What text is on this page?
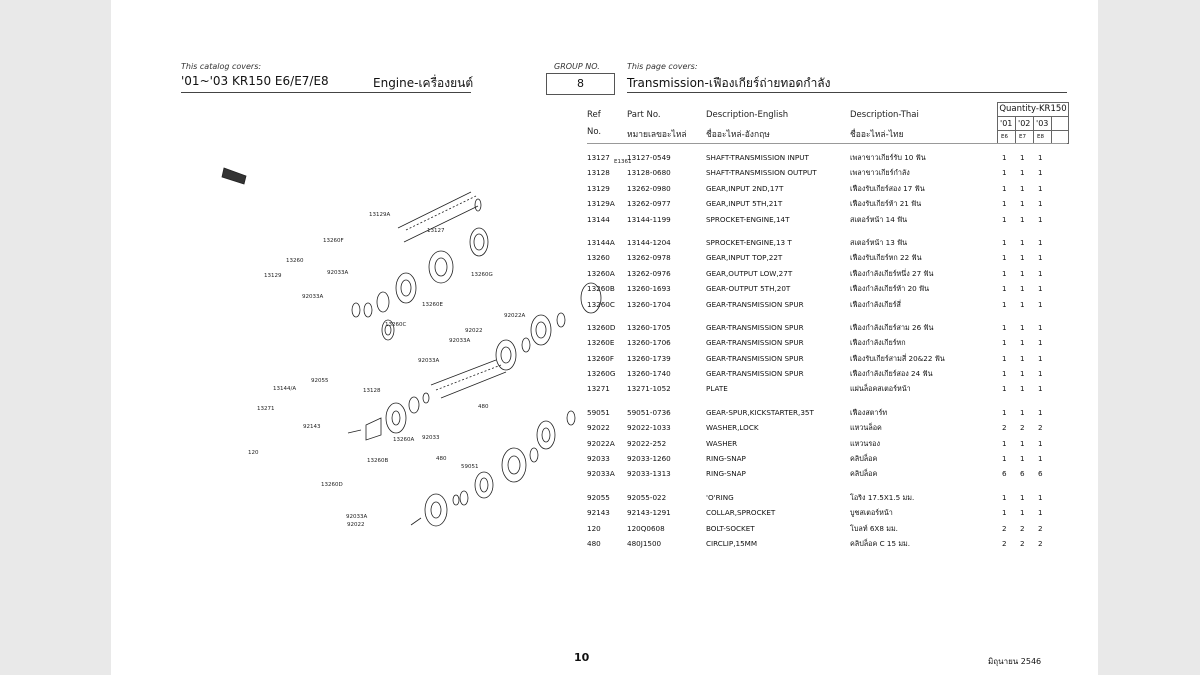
This catalog covers:
'01~'03 KR150 E6/E7/E8	Engine-เครื่องยนต์
GROUP NO.
8
This page covers:
Transmission-เฟืองเกียร์ถ่ายทอดกำลัง
Ref
No.
Part No.
หมายเลขอะไหล่
Description-English
ชื่ออะไหล่-อังกฤษ
Description-Thai
ชื่ออะไหล่-ไทย
Quantity-KR150
'01 '02 '03
E6 E7 E8
13127 13127-0549	SHAFT-TRANSMISSION INPUT	เพลาขาวเกียร์รับ 10 ฟัน	1 1 1
13128 13128-0680	SHAFT-TRANSMISSION OUTPUT	เพลาขาวเกียร์กำลัง	1 1 1
13129 13262-0980	GEAR,INPUT 2ND,17T	เฟืองรับเกียร์สอง 17 ฟัน	1 1 1
13129A 13262-0977	GEAR,INPUT 5TH,21T	เฟืองรับเกียร์ห้า 21 ฟัน	1 1 1
13144 13144-1199	SPROCKET-ENGINE,14T	สเตอร์หน้า 14 ฟัน	1 1 1
13144A 13144-1204	SPROCKET-ENGINE,13 T	สเตอร์หน้า 13 ฟัน	1 1 1
13260 13262-0978	GEAR,INPUT TOP,22T	เฟืองรับเกียร์หก 22 ฟัน	1 1 1
13260A 13262-0976	GEAR,OUTPUT LOW,27T	เฟืองกำลังเกียร์หนึ่ง 27 ฟัน	1 1 1
13260B 13260-1693	GEAR-OUTPUT 5TH,20T	เฟืองกำลังเกียร์ห้า 20 ฟัน	1 1 1
13260C 13260-1704	GEAR-TRANSMISSION SPUR	เฟืองกำลังเกียร์สี่	1 1 1
13260D 13260-1705	GEAR-TRANSMISSION SPUR	เฟืองกำลังเกียร์สาม 26 ฟัน	1 1 1
13260E 13260-1706	GEAR-TRANSMISSION SPUR	เฟืองกำลังเกียร์หก	1 1 1
13260F 13260-1739	GEAR-TRANSMISSION SPUR	เฟืองรับเกียร์สามสี่ 20&22 ฟัน	1 1 1
13260G 13260-1740	GEAR-TRANSMISSION SPUR	เฟืองกำลังเกียร์สอง 24 ฟัน	1 1 1
13271 13271-1052	PLATE	แผ่นล็อคสเตอร์หน้า	1 1 1
59051 59051-0736	GEAR-SPUR,KICKSTARTER,35T	เฟืองสตาร์ท	1 1 1
92022 92022-1033	WASHER,LOCK	แหวนล็อค	2 2 2
92022A 92022-252	WASHER	แหวนรอง	1 1 1
92033 92033-1260	RING-SNAP	คลิปล็อค	1 1 1
92033A 92033-1313	RING-SNAP	คลิปล็อค	6 6 6
92055 92055-022	'O'RING	โอริง 17.5X1.5 มม.	1 1 1
92143 92143-1291	COLLAR,SPROCKET	บูชสเตอร์หน้า	1 1 1
120	120Q0608	BOLT-SOCKET	โบลท์ 6X8 มม.	2 2 2
480	480J1500	CIRCLIP,15MM	คลิปล็อค C 15 มม.	2 2 2
E1361
13129A
13127
13260F
13260
13129	92033A
92033A
13260G
92022A
13260E
13260C
92022
92033A
92033A
92055
13144/A	13128
13271
92143
120
480
13260A 92033
480
59051
13260B
13260D
92033A
92022
10	มิถุนายน 2546
